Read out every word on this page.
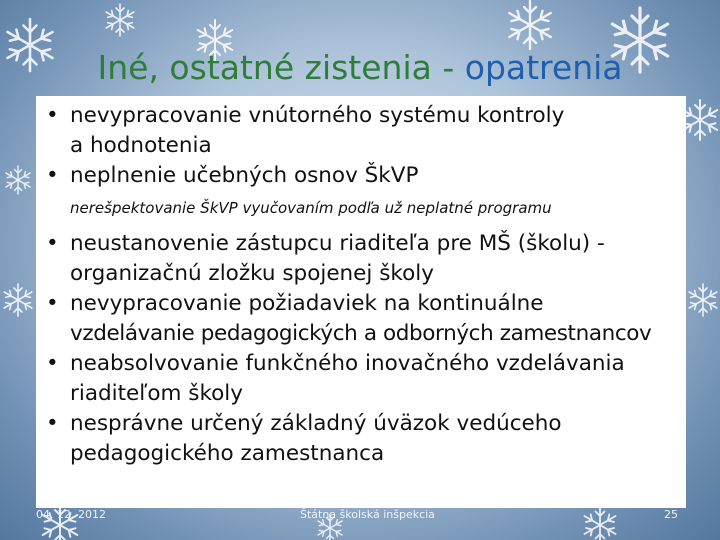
Iné, ostatné zistenia - opatrenia
• nevypracovanie vnútorného systému kontroly
a hodnotenia
• neplnenie učebných osnov ŠkVP
nerešpektovanie ŠkVP vyučovaním podľa už neplatné programu
• neustanovenie zástupcu riaditeľa pre MŠ (školu) -
organizačnú zložku spojenej školy
• nevypracovanie požiadaviek na kontinuálne
vzdelávanie pedagogických a odborných zamestnancov
• neabsolvovanie funkčného inovačného vzdelávania
riaditeľom školy
• nesprávne určený základný úväzok vedúceho
pedagogického zamestnanca
04. 12. 2012	Štátna školská inšpekcia	25
